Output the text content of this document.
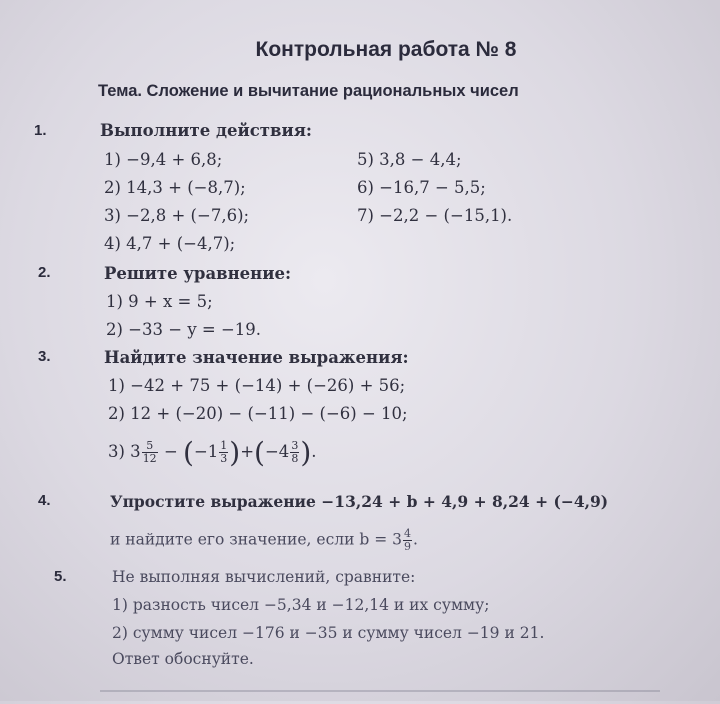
Контрольная работа № 8
Тема. Сложение и вычитание рациональных чисел
1.	Выполните действия:
1) −9,4 + 6,8;
2) 14,3 + (−8,7);
3) −2,8 + (−7,6);
4) 4,7 + (−4,7);
5) 3,8 − 4,4;
6) −16,7 − 5,5;
7) −2,2 − (−15,1).
2.	Решите уравнение:
1) 9 + x = 5;
2) −33 − y = −19.
3.	Найдите значение выражения:
1) −42 + 75 + (−14) + (−26) + 56;
2) 12 + (−20) − (−11) − (−6) − 10;
3) $3 \frac{5}{12} - (-1 \frac{1}{3} )+(-4 \frac{3}{8}$ ).
4.	Упростите выражение −13,24 + b + 4,9 + 8,24 + (−4,9)
и найдите его значение, если $b = 3 \frac{4}{9}$ .
5.	Не выполняя вычислений, сравните:
1) разность чисел −5,34 и −12,14 и их сумму;
2) сумму чисел −176 и −35 и сумму чисел −19 и 21.
Ответ обоснуйте.
